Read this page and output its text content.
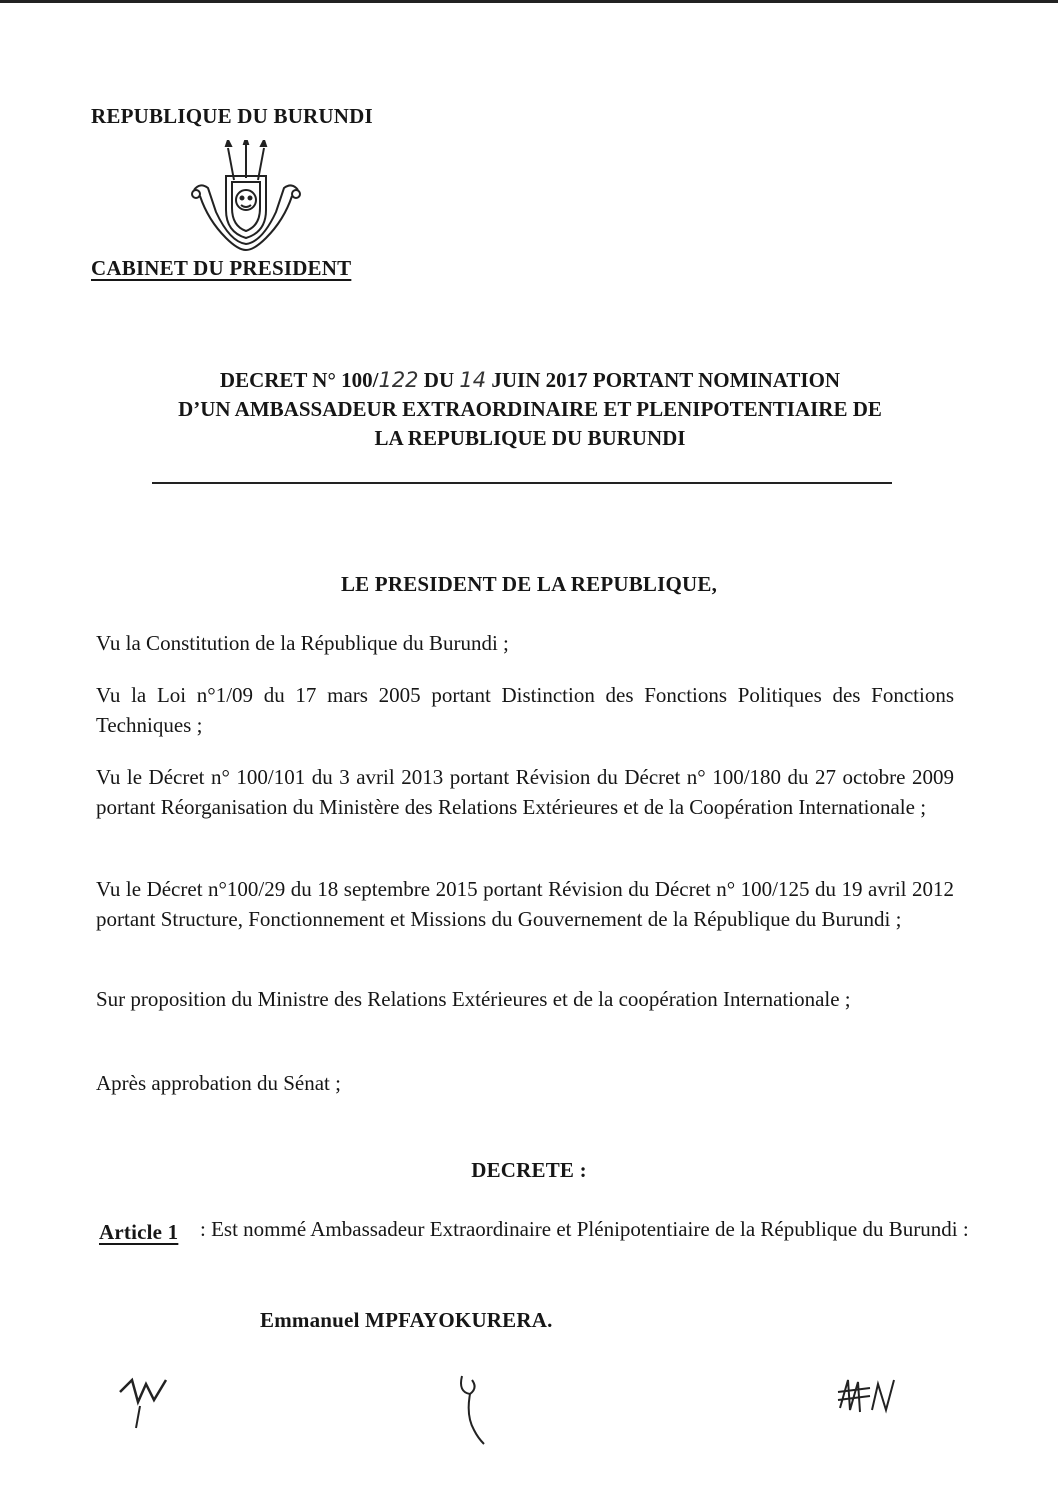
REPUBLIQUE DU BURUNDI
CABINET DU PRESIDENT
DECRET N° 100/122 DU 14 JUIN 2017 PORTANT NOMINATION
D’UN AMBASSADEUR EXTRAORDINAIRE ET PLENIPOTENTIAIRE DE
LA REPUBLIQUE DU BURUNDI
LE PRESIDENT DE LA REPUBLIQUE,
Vu la Constitution de la République du Burundi ;
Vu la Loi n°1/09 du 17 mars 2005 portant Distinction des Fonctions Politiques des Fonctions Techniques ;
Vu le Décret n° 100/101 du 3 avril 2013 portant Révision du Décret n° 100/180 du 27 octobre 2009 portant Réorganisation du Ministère des Relations Extérieures et de la Coopération Internationale ;
Vu le Décret n°100/29 du 18 septembre 2015 portant Révision du Décret n° 100/125 du 19 avril 2012 portant Structure, Fonctionnement et Missions du Gouvernement de la République du Burundi ;
Sur proposition du Ministre des Relations Extérieures et de la coopération Internationale ;
Après approbation du Sénat ;
DECRETE :
Article 1 : Est nommé Ambassadeur Extraordinaire et Plénipotentiaire de la République du Burundi :
Emmanuel MPFAYOKURERA.
